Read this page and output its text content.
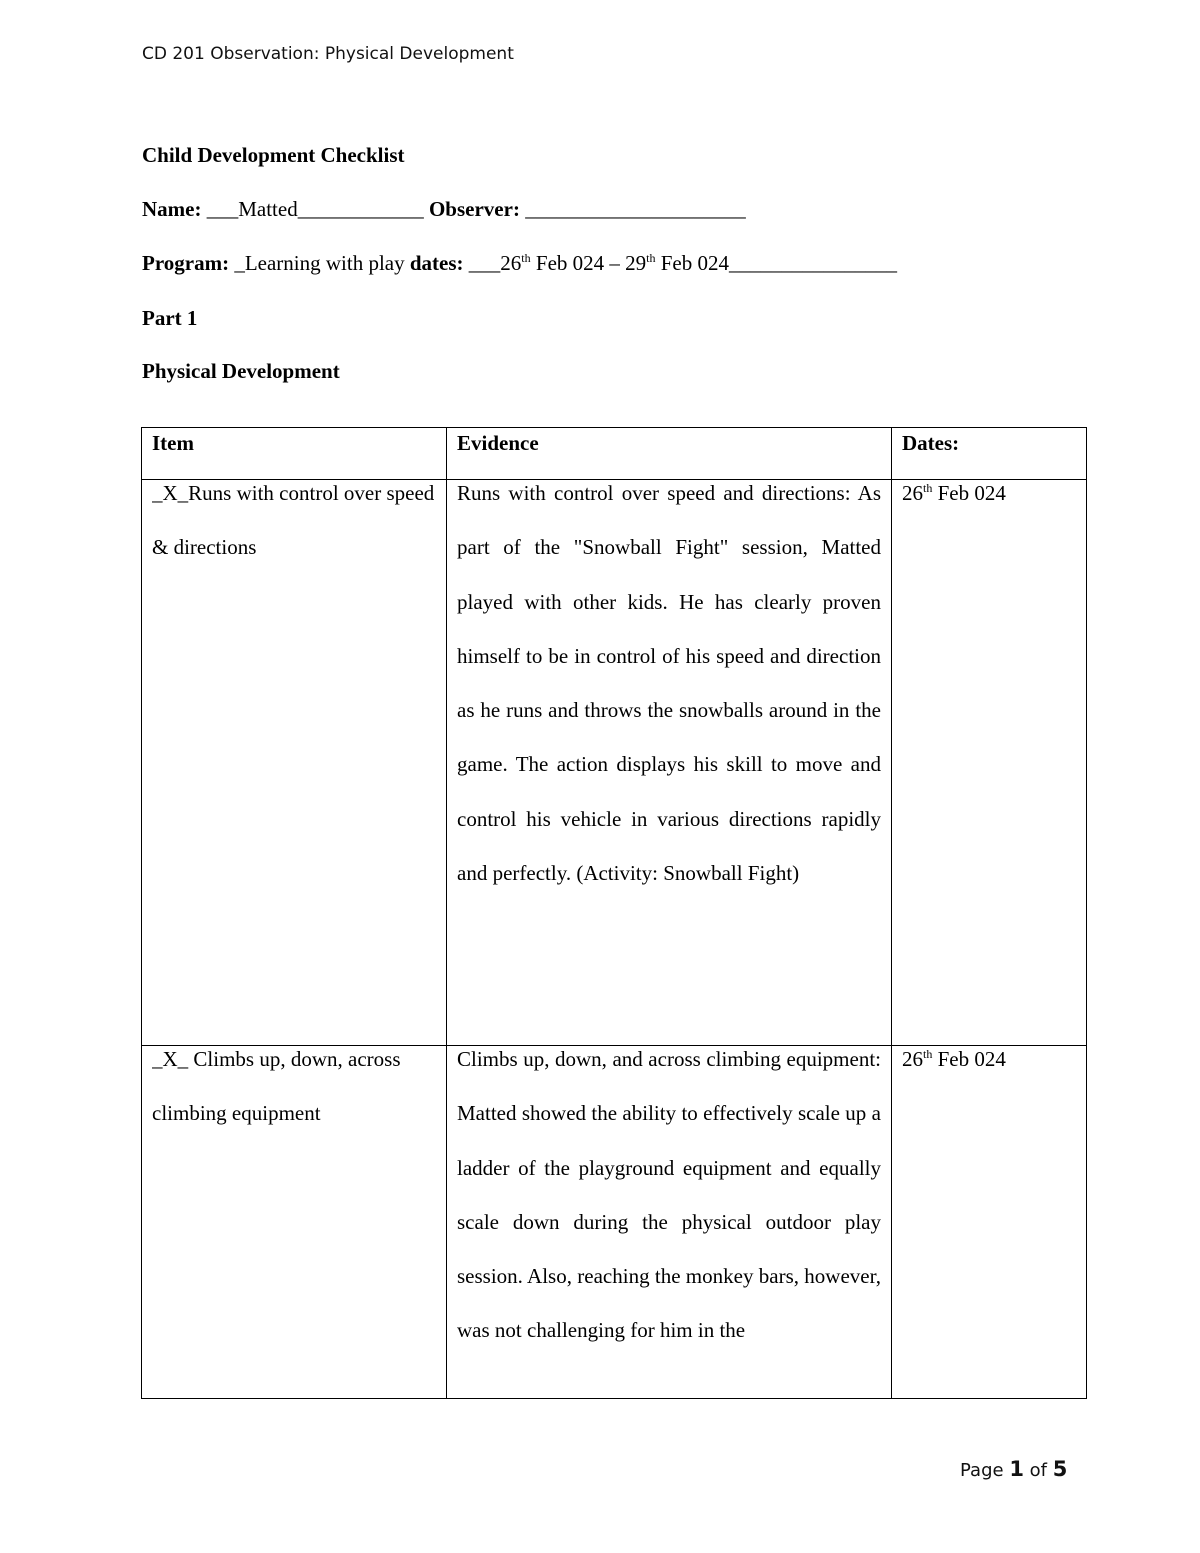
CD 201 Observation: Physical Development
Child Development Checklist
Name: ___Matted____________ Observer: _____________________
Program: _Learning with play dates: ___26th Feb 024 – 29th Feb 024________________
Part 1
Physical Development
Item	Evidence	Dates:

_X_Runs with control over speed & directions	Runs with control over speed and directions: As part of the "Snowball Fight" session, Matted played with other kids. He has clearly proven himself to be in control of his speed and direction as he runs and throws the snowballs around in the game. The action displays his skill to move and control his vehicle in various directions rapidly and perfectly. (Activity: Snowball Fight)	26th Feb 024

_X_ Climbs up, down, across climbing equipment	Climbs up, down, and across climbing equipment: Matted showed the ability to effectively scale up a ladder of the playground equipment and equally scale down during the physical outdoor play session. Also, reaching the monkey bars, however, was not challenging for him in the	26th Feb 024
Page 1 of 5
